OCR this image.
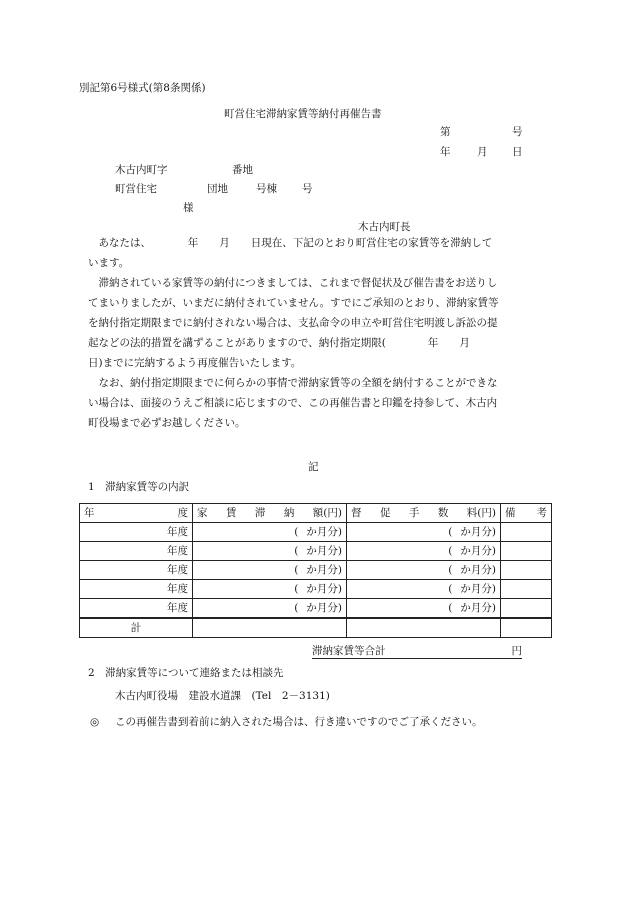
別記第6号様式(第8条関係)
町営住宅滞納家賃等納付再催告書
第	号
年	月 日
木古内町字	番地
町営住宅	団地	号棟 号
様
木古内町長
あなたは、　　　　年　　月　　日現在、下記のとおり町営住宅の家賃等を滞納して
います。
滞納されている家賃等の納付につきましては、これまで督促状及び催告書をお送りし
てまいりましたが、いまだに納付されていません。すでにご承知のとおり、滞納家賃等
を納付指定期限までに納付されない場合は、支払命令の申立や町営住宅明渡し訴訟の提
起などの法的措置を講ずることがありますので、納付指定期限(　　　　年　　月
日)までに完納するよう再度催告いたします。
なお、納付指定期限までに何らかの事情で滞納家賃等の全額を納付することができな
い場合は、面接のうえご相談に応じますので、この再催告書と印鑑を持参して、木古内
町役場まで必ずお越しください。
記
1　滞納家賃等の内訳
年 度	家 賃 滞 納 額(円)	督 促 手 数 料(円)	備 考

年度	( か月分)	( か月分)	

年度	( か月分)	( か月分)	

年度	( か月分)	( か月分)	

年度	( か月分)	( か月分)	

年度	( か月分)	( か月分)	

計			
滞納家賃等合計	円
2　滞納家賃等について連絡または相談先
木古内町役場　建設水道課　(Tel　2－3131)
◎ この再催告書到着前に納入された場合は、行き違いですのでご了承ください。
